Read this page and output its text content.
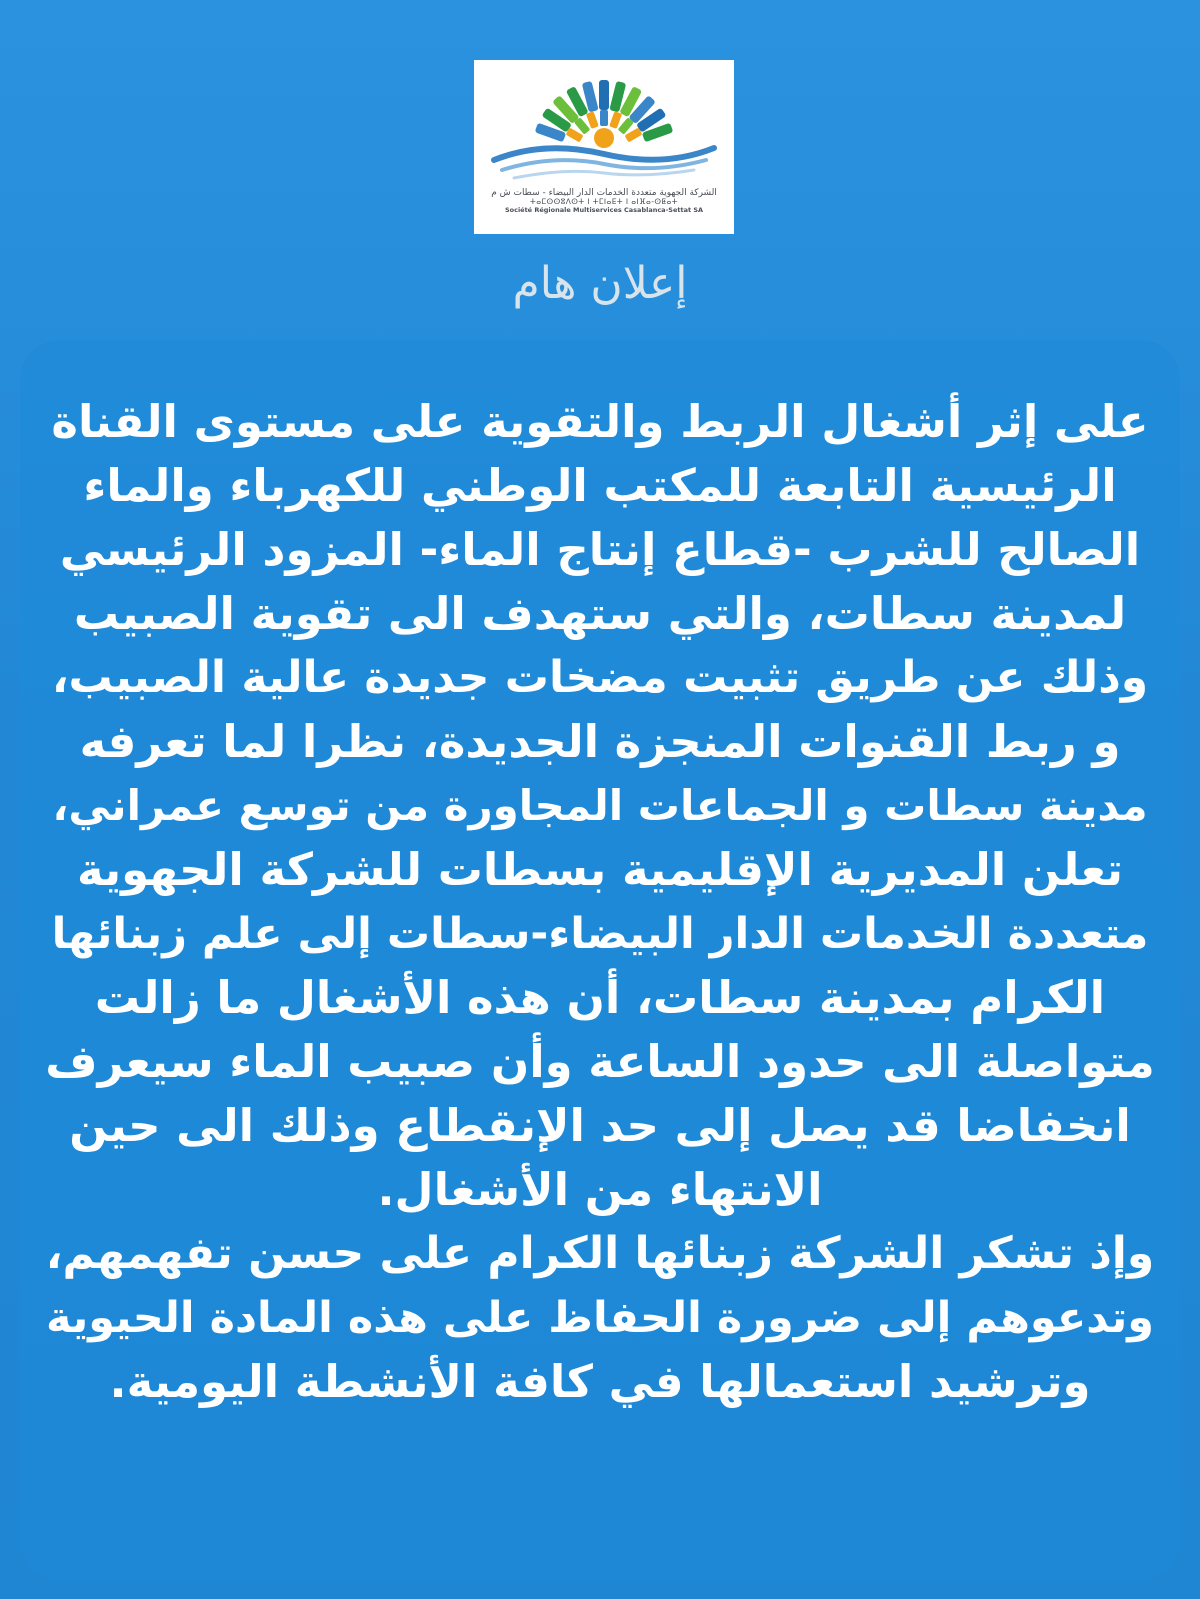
الشركة الجهوية متعددة الخدمات الدار البيضاء - سطات ش م
ⵜⴰⵎⵙⵙⵓⴷⵙⵜ ⵏ ⵜⵎⵏⴰⴹⵜ ⵏ ⴰⵏⴼⴰ-ⵙⵟⴰⵜ
Société Régionale Multiservices Casablanca-Settat SA
إعلان هام
على إثر أشغال الربط والتقوية على مستوى القناة
الرئيسية التابعة للمكتب الوطني للكهرباء والماء
الصالح للشرب -قطاع إنتاج الماء- المزود الرئيسي
لمدينة سطات، والتي ستهدف الى تقوية الصبيب
وذلك عن طريق تثبيت مضخات جديدة عالية الصبيب،
و ربط القنوات المنجزة الجديدة، نظرا لما تعرفه
مدينة سطات و الجماعات المجاورة من توسع عمراني،
تعلن المديرية الإقليمية بسطات للشركة الجهوية
متعددة الخدمات الدار البيضاء-سطات إلى علم زبنائها
الكرام بمدينة سطات، أن هذه الأشغال ما زالت
متواصلة الى حدود الساعة وأن صبيب الماء سيعرف
انخفاضا قد يصل إلى حد الإنقطاع وذلك الى حين
الانتهاء من الأشغال.
وإذ تشكر الشركة زبنائها الكرام على حسن تفهمهم،
وتدعوهم إلى ضرورة الحفاظ على هذه المادة الحيوية
وترشيد استعمالها في كافة الأنشطة اليومية.
